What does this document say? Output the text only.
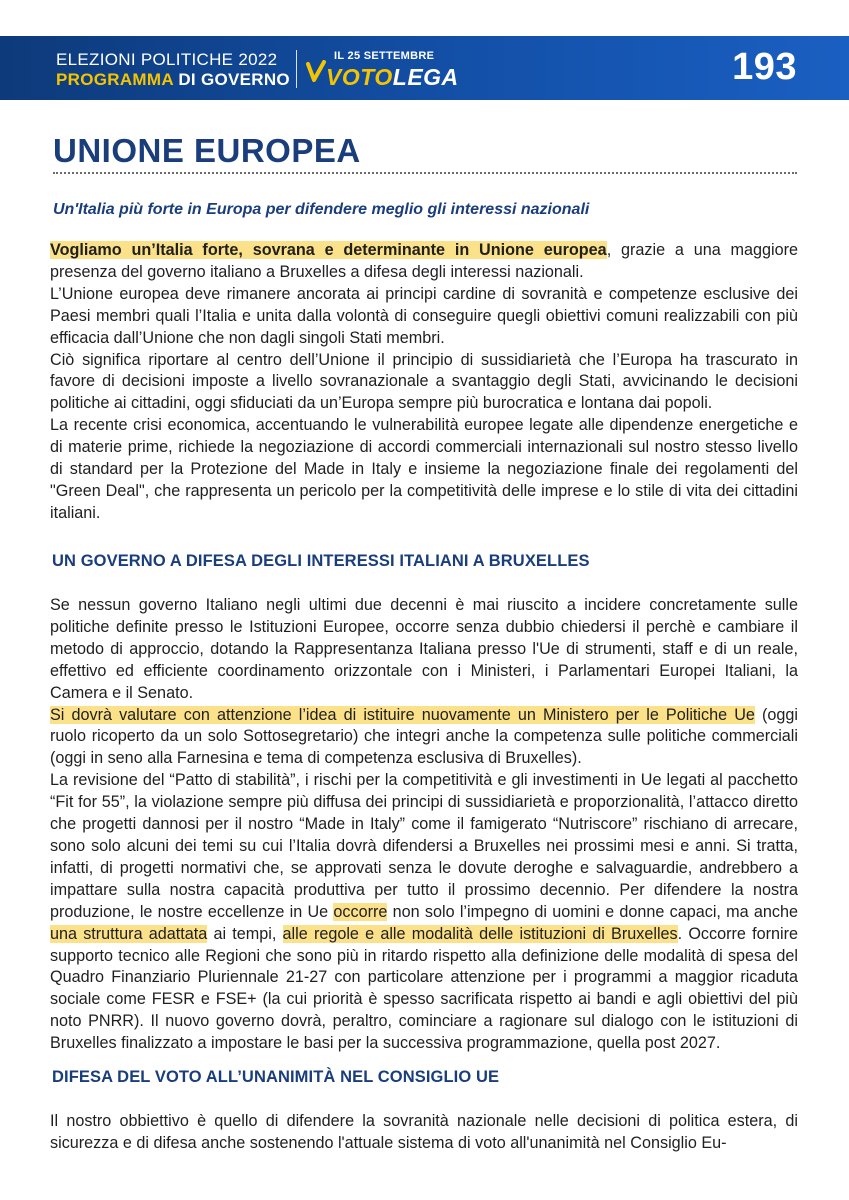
ELEZIONI POLITICHE 2022
PROGRAMMA DI GOVERNO
IL 25 SETTEMBRE
VOTOLEGA	193
UNIONE EUROPEA

Un'Italia più forte in Europa per difendere meglio gli interessi nazionali

Vogliamo un’Italia forte, sovrana e determinante in Unione europea, grazie a una maggiore presenza del governo italiano a Bruxelles a difesa degli interessi nazionali.

L’Unione europea deve rimanere ancorata ai principi cardine di sovranità e competenze esclusive dei Paesi membri quali l’Italia e unita dalla volontà di conseguire quegli obiettivi comuni realizzabili con più efficacia dall’Unione che non dagli singoli Stati membri.

Ciò significa riportare al centro dell’Unione il principio di sussidiarietà che l’Europa ha trascurato in favore di decisioni imposte a livello sovranazionale a svantaggio degli Stati, avvicinando le decisioni politiche ai cittadini, oggi sfiduciati da un’Europa sempre più burocratica e lontana dai popoli.

La recente crisi economica, accentuando le vulnerabilità europee legate alle dipendenze energetiche e di materie prime, richiede la negoziazione di accordi commerciali internazionali sul nostro stesso livello di standard per la Protezione del Made in Italy e insieme la negoziazione finale dei regolamenti del "Green Deal", che rappresenta un pericolo per la competitività delle imprese e lo stile di vita dei cittadini italiani.

UN GOVERNO A DIFESA DEGLI INTERESSI ITALIANI A BRUXELLES

Se nessun governo Italiano negli ultimi due decenni è mai riuscito a incidere concretamente sulle politiche definite presso le Istituzioni Europee, occorre senza dubbio chiedersi il perchè e cambiare il metodo di approccio, dotando la Rappresentanza Italiana presso l'Ue di strumenti, staff e di un reale, effettivo ed efficiente coordinamento orizzontale con i Ministeri, i Parlamentari Europei Italiani, la Camera e il Senato.

Si dovrà valutare con attenzione l’idea di istituire nuovamente un Ministero per le Politiche Ue (oggi ruolo ricoperto da un solo Sottosegretario) che integri anche la competenza sulle politiche commerciali (oggi in seno alla Farnesina e tema di competenza esclusiva di Bruxelles).

La revisione del “Patto di stabilità”, i rischi per la competitività e gli investimenti in Ue legati al pacchetto “Fit for 55”, la violazione sempre più diffusa dei principi di sussidiarietà e proporzionalità, l’attacco diretto che progetti dannosi per il nostro “Made in Italy” come il famigerato “Nutriscore” rischiano di arrecare, sono solo alcuni dei temi su cui l’Italia dovrà difendersi a Bruxelles nei prossimi mesi e anni. Si tratta, infatti, di progetti normativi che, se approvati senza le dovute deroghe e salvaguardie, andrebbero a impattare sulla nostra capacità produttiva per tutto il prossimo decennio. Per difendere la nostra produzione, le nostre eccellenze in Ue occorre non solo l’impegno di uomini e donne capaci, ma anche una struttura adattata ai tempi, alle regole e alle modalità delle istituzioni di Bruxelles. Occorre fornire supporto tecnico alle Regioni che sono più in ritardo rispetto alla definizione delle modalità di spesa del Quadro Finanziario Pluriennale 21-27 con particolare attenzione per i programmi a maggior ricaduta sociale come FESR e FSE+ (la cui priorità è spesso sacrificata rispetto ai bandi e agli obiettivi del più noto PNRR). Il nuovo governo dovrà, peraltro, cominciare a ragionare sul dialogo con le istituzioni di Bruxelles finalizzato a impostare le basi per la successiva programmazione, quella post 2027.

DIFESA DEL VOTO ALL’UNANIMITÀ NEL CONSIGLIO UE

Il nostro obbiettivo è quello di difendere la sovranità nazionale nelle decisioni di politica estera, di sicurezza e di difesa anche sostenendo l'attuale sistema di voto all'unanimità nel Consiglio Eu-
